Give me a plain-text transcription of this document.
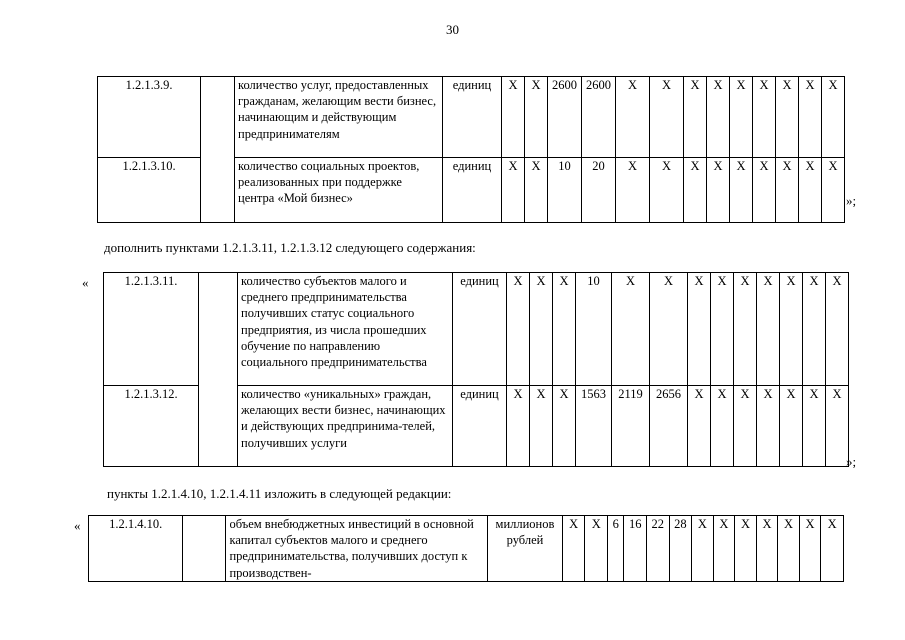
30
1.2.1.3.9.		количество услуг, предоставленных гражданам, желающим вести бизнес, начинающим и действующим предпринимателям	единиц	X	X	2600	2600	X	X	X	X	X	X	X	X	X
1.2.1.3.10.		количество социальных проектов, реализованных при поддержке центра «Мой бизнес»	единиц	X	X	10	20	X	X	X	X	X	X	X	X	X
»;
дополнить пунктами 1.2.1.3.11, 1.2.1.3.12 следующего содержания:
«	1.2.1.3.11.		количество субъектов малого и среднего предпринимательства получивших статус социального предприятия, из числа прошедших обучение по направлению социального предпринимательства	единиц	X	X	X	10	X	X	X	X	X	X	X	X	X
1.2.1.3.12.		количество «уникальных» граждан, желающих вести бизнес, начинающих и действующих предпринима-телей, получивших услуги	единиц	X	X	X	1563	2119	2656	X	X	X	X	X	X	X
»;
пункты 1.2.1.4.10, 1.2.1.4.11 изложить в следующей редакции:
« 1.2.1.4.10.		объем внебюджетных инвестиций в основной капитал субъектов малого и среднего предпринимательства, получивших доступ к производствен-	миллионов рублей	X	X	6	16	22	28	X	X	X	X	X	X	X
